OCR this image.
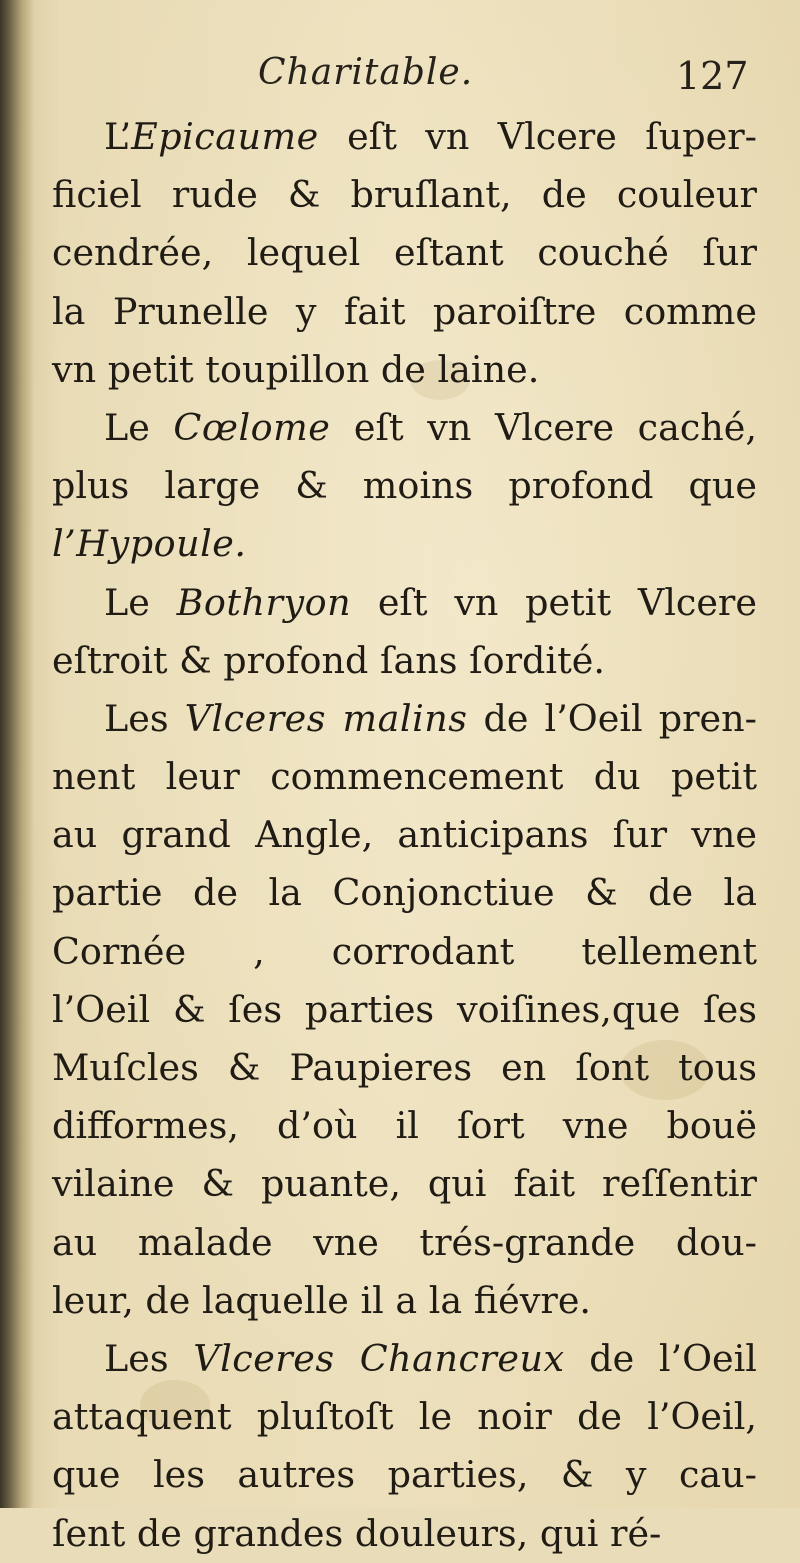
Charitable.	127
L’Epicaume eſt vn Vlcere ſuper-
ficiel rude & bruſlant, de couleur
cendrée, lequel eſtant couché ſur
la Prunelle y fait paroiſtre comme
vn petit toupillon de laine.
Le Cœlome eſt vn Vlcere caché,
plus large & moins profond que
l’Hypoule.
Le Bothryon eſt vn petit Vlcere
eſtroit & profond ſans ſordité.
Les Vlceres malins de l’Oeil pren-
nent leur commencement du petit
au grand Angle, anticipans ſur vne
partie de la Conjonctiue & de la
Cornée , corrodant tellement
l’Oeil & ſes parties voiſines,que ſes
Muſcles & Paupieres en ſont tous
difformes, d’où il ſort vne bouë
vilaine & puante, qui fait reſſentir
au malade vne trés-grande dou-
leur, de laquelle il a la fiévre.
Les Vlceres Chancreux de l’Oeil
attaquent pluſtoſt le noir de l’Oeil,
que les autres parties, & y cau-
ſent de grandes douleurs, qui ré-
